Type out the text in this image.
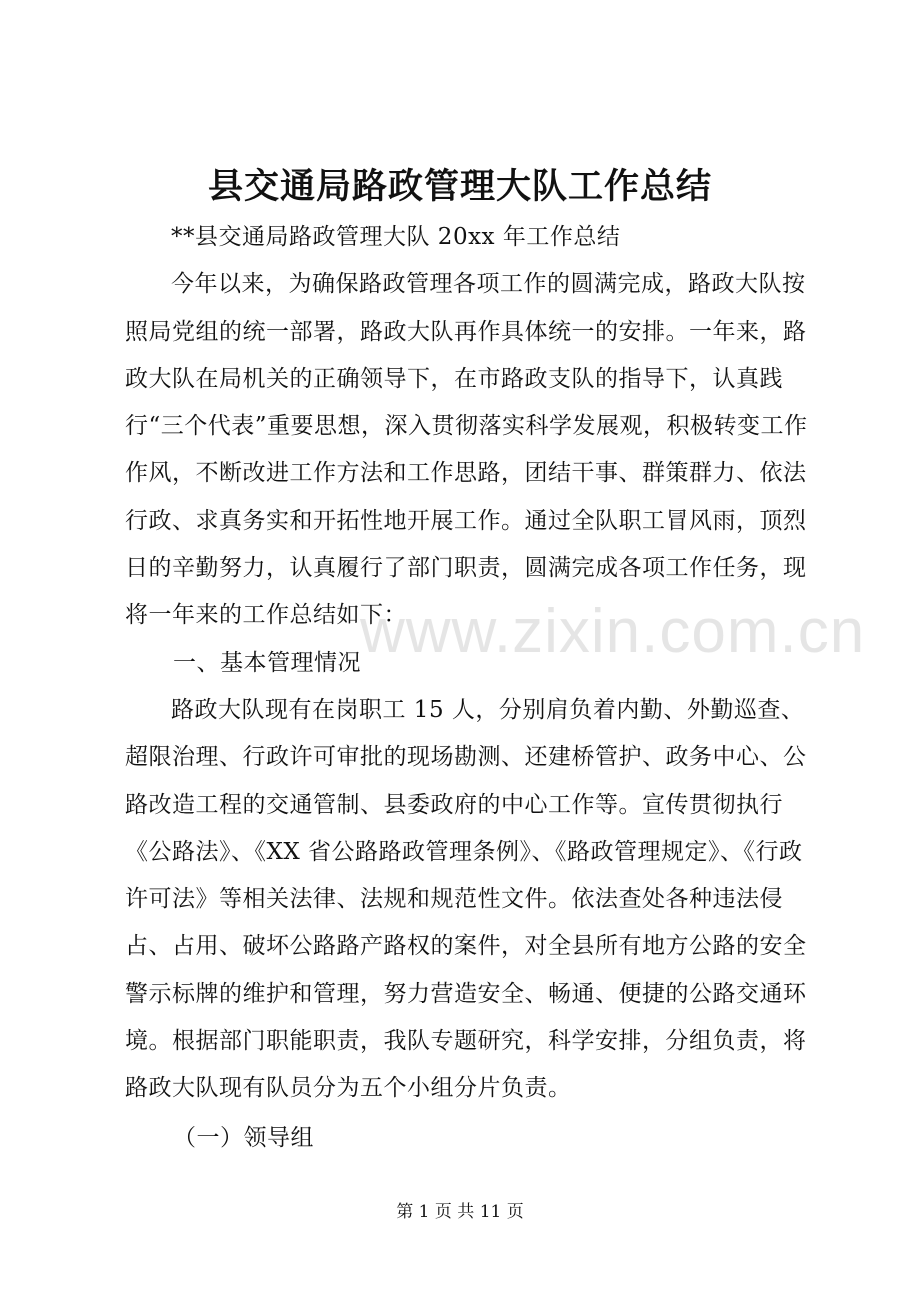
www.zixin.com.cn
县交通局路政管理大队工作总结

**县交通局路政管理大队 20xx 年工作总结

今年以来，为确保路政管理各项工作的圆满完成，路政大队按照局党组的统一部署，路政大队再作具体统一的安排。一年来，路政大队在局机关的正确领导下，在市路政支队的指导下，认真践行“三个代表”重要思想，深入贯彻落实科学发展观，积极转变工作作风，不断改进工作方法和工作思路，团结干事、群策群力、依法行政、求真务实和开拓性地开展工作。通过全队职工冒风雨，顶烈日的辛勤努力，认真履行了部门职责，圆满完成各项工作任务，现将一年来的工作总结如下：

一、基本管理情况

路政大队现有在岗职工 15 人，分别肩负着内勤、外勤巡查、超限治理、行政许可审批的现场勘测、还建桥管护、政务中心、公路改造工程的交通管制、县委政府的中心工作等。宣传贯彻执行《公路法》、《XX 省公路路政管理条例》、《路政管理规定》、《行政许可法》等相关法律、法规和规范性文件。依法查处各种违法侵占、占用、破坏公路路产路权的案件，对全县所有地方公路的安全警示标牌的维护和管理，努力营造安全、畅通、便捷的公路交通环境。根据部门职能职责，我队专题研究，科学安排，分组负责，将路政大队现有队员分为五个小组分片负责。

（一）领导组

第 1 页 共 11 页
